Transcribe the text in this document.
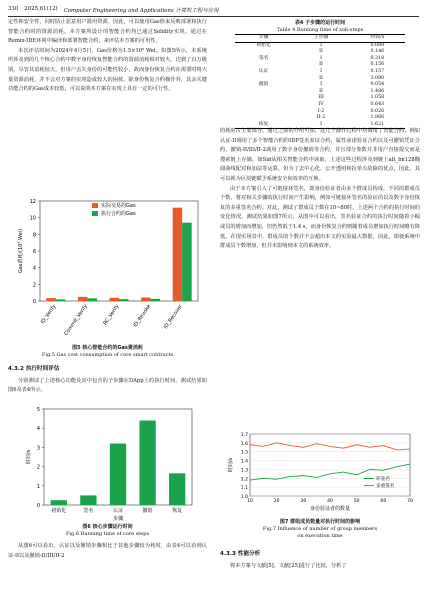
330 2025,61(12) Computer Engineering and Applications 计算机工程与应用

定性和安全性，同时防止恶意用户滥用资源。因此，可以使用Gas值来反映部署和执行智能合约时的资源消耗。本方案所设计的智能合约均已通过Solidity实现。通过在Remix-IDE环境中编译和部署智能合约，来评估本方案的可用性。

本次评估时间为2024年4月5日，Gas价格为1.5×10⁹ Wei。如图5所示，本系统所涉及到的几个核心合约中数字身份恢复智能合约的资源消耗相对较大，达到了百万级别，尽管其消耗较大，但用户丢失身份的可能性较小，故而身份恢复合约在需要时将大量资源消耗，并不会对方案的实现造成较大的困扰。除身份恢复合约操作外，其余关键功能合约的Gas成本较低，可以说明本方案在实现上具有一定的可行性。

0
2
4
6
8
10
12
Gas消耗/(10⁵ Wei)
ID_Verify Commit_Verify	RC_Verify ID_Revoke ID_Recover
实际交易的Gas
执行合约的Gas
图5 核心智能合约的Gas费消耗
Fig.5 Gas cost consumption of core smart contracts
4.3.2 执行时间评估

分别测试了上述核心功能及其中包含的子步骤在DApp上的执行时间，测试结果如图6及表4所示。

0
1
2
3
4
5
时间/s
初始化	签名	认证	撤销	恢复
步骤
图6 核心步骤运行时间
Fig.6 Running time of core steps

从图6可以看出，认证以及撤销步骤相比于其他步骤较为耗时，由表4可以看到认证-II以及撤销-II/III/II-2

表4 子步骤的运行时间
Table 4 Running time of sub-steps
步骤	子步骤	时间/s
初始化	I	0.089
	II	0.146
签名	I	0.318
	II	0.156
认证	I	0.157
	II	3.090
撤销	I	0.054
	II	1.486
	III	1.058
	IV	0.643
	I-2	0.026
	II-2	1.866
恢复	I	1.621

的耗时占主要部分，通过之前的介绍可知，这几个操作过程中均调用了智能合约，例如认证-II调用了多个智能合约的IDP签名验证合约，属性承诺验证合约以及可撤销凭证合约，撤销-II/III/II-2调用了数字身份撤销等合约，并且部分参数并非用户直接提交而是搜索链上存储，如Sid从相关智能合约中读取，上述这些过程涉及到链上alt_bn128椭圆曲线配对和加法等运算，但为了去中心化、公开透明和抗单点故障的优点，因此，其可以视为区块链赋予系统安全和效率的互换。

由于本方案引入了可链接环签名，即身份验证者由多个群成员构成，不同的群成员个数，将对相关步骤的执行时间产生影响，例如可链接环签名的验证的以及数字身份恢复的多重签名合约。对此，测试了群成员个数在10~80时，上述两个合约的执行时间的变化情况，测试结果如图7所示。从图中可以看出，签名验证合约的执行时间随着小幅或员的增加而增加，但仍然低于1.4 s，而身份恢复合约则随着成员增加执行时间略有降低。在现实场景中，群成员的个数并不会超出本文的实验最大数据，因此，即使系统中群成员个数增加，但并未影响到本文的系统效率。

1.0
1.1
1.2
1.3
1.4
1.5
1.6
1.7
10	20	30	40	50	60	70
环签名
多重签名
时间/s
身份验证者的数量
图7 群组成员数量对执行时间的影响
Fig.7 Influence of number of group members
on execution time
4.3.3 性能分析

将本方案与文献[5]、文献[25]进行了比较，分析了
